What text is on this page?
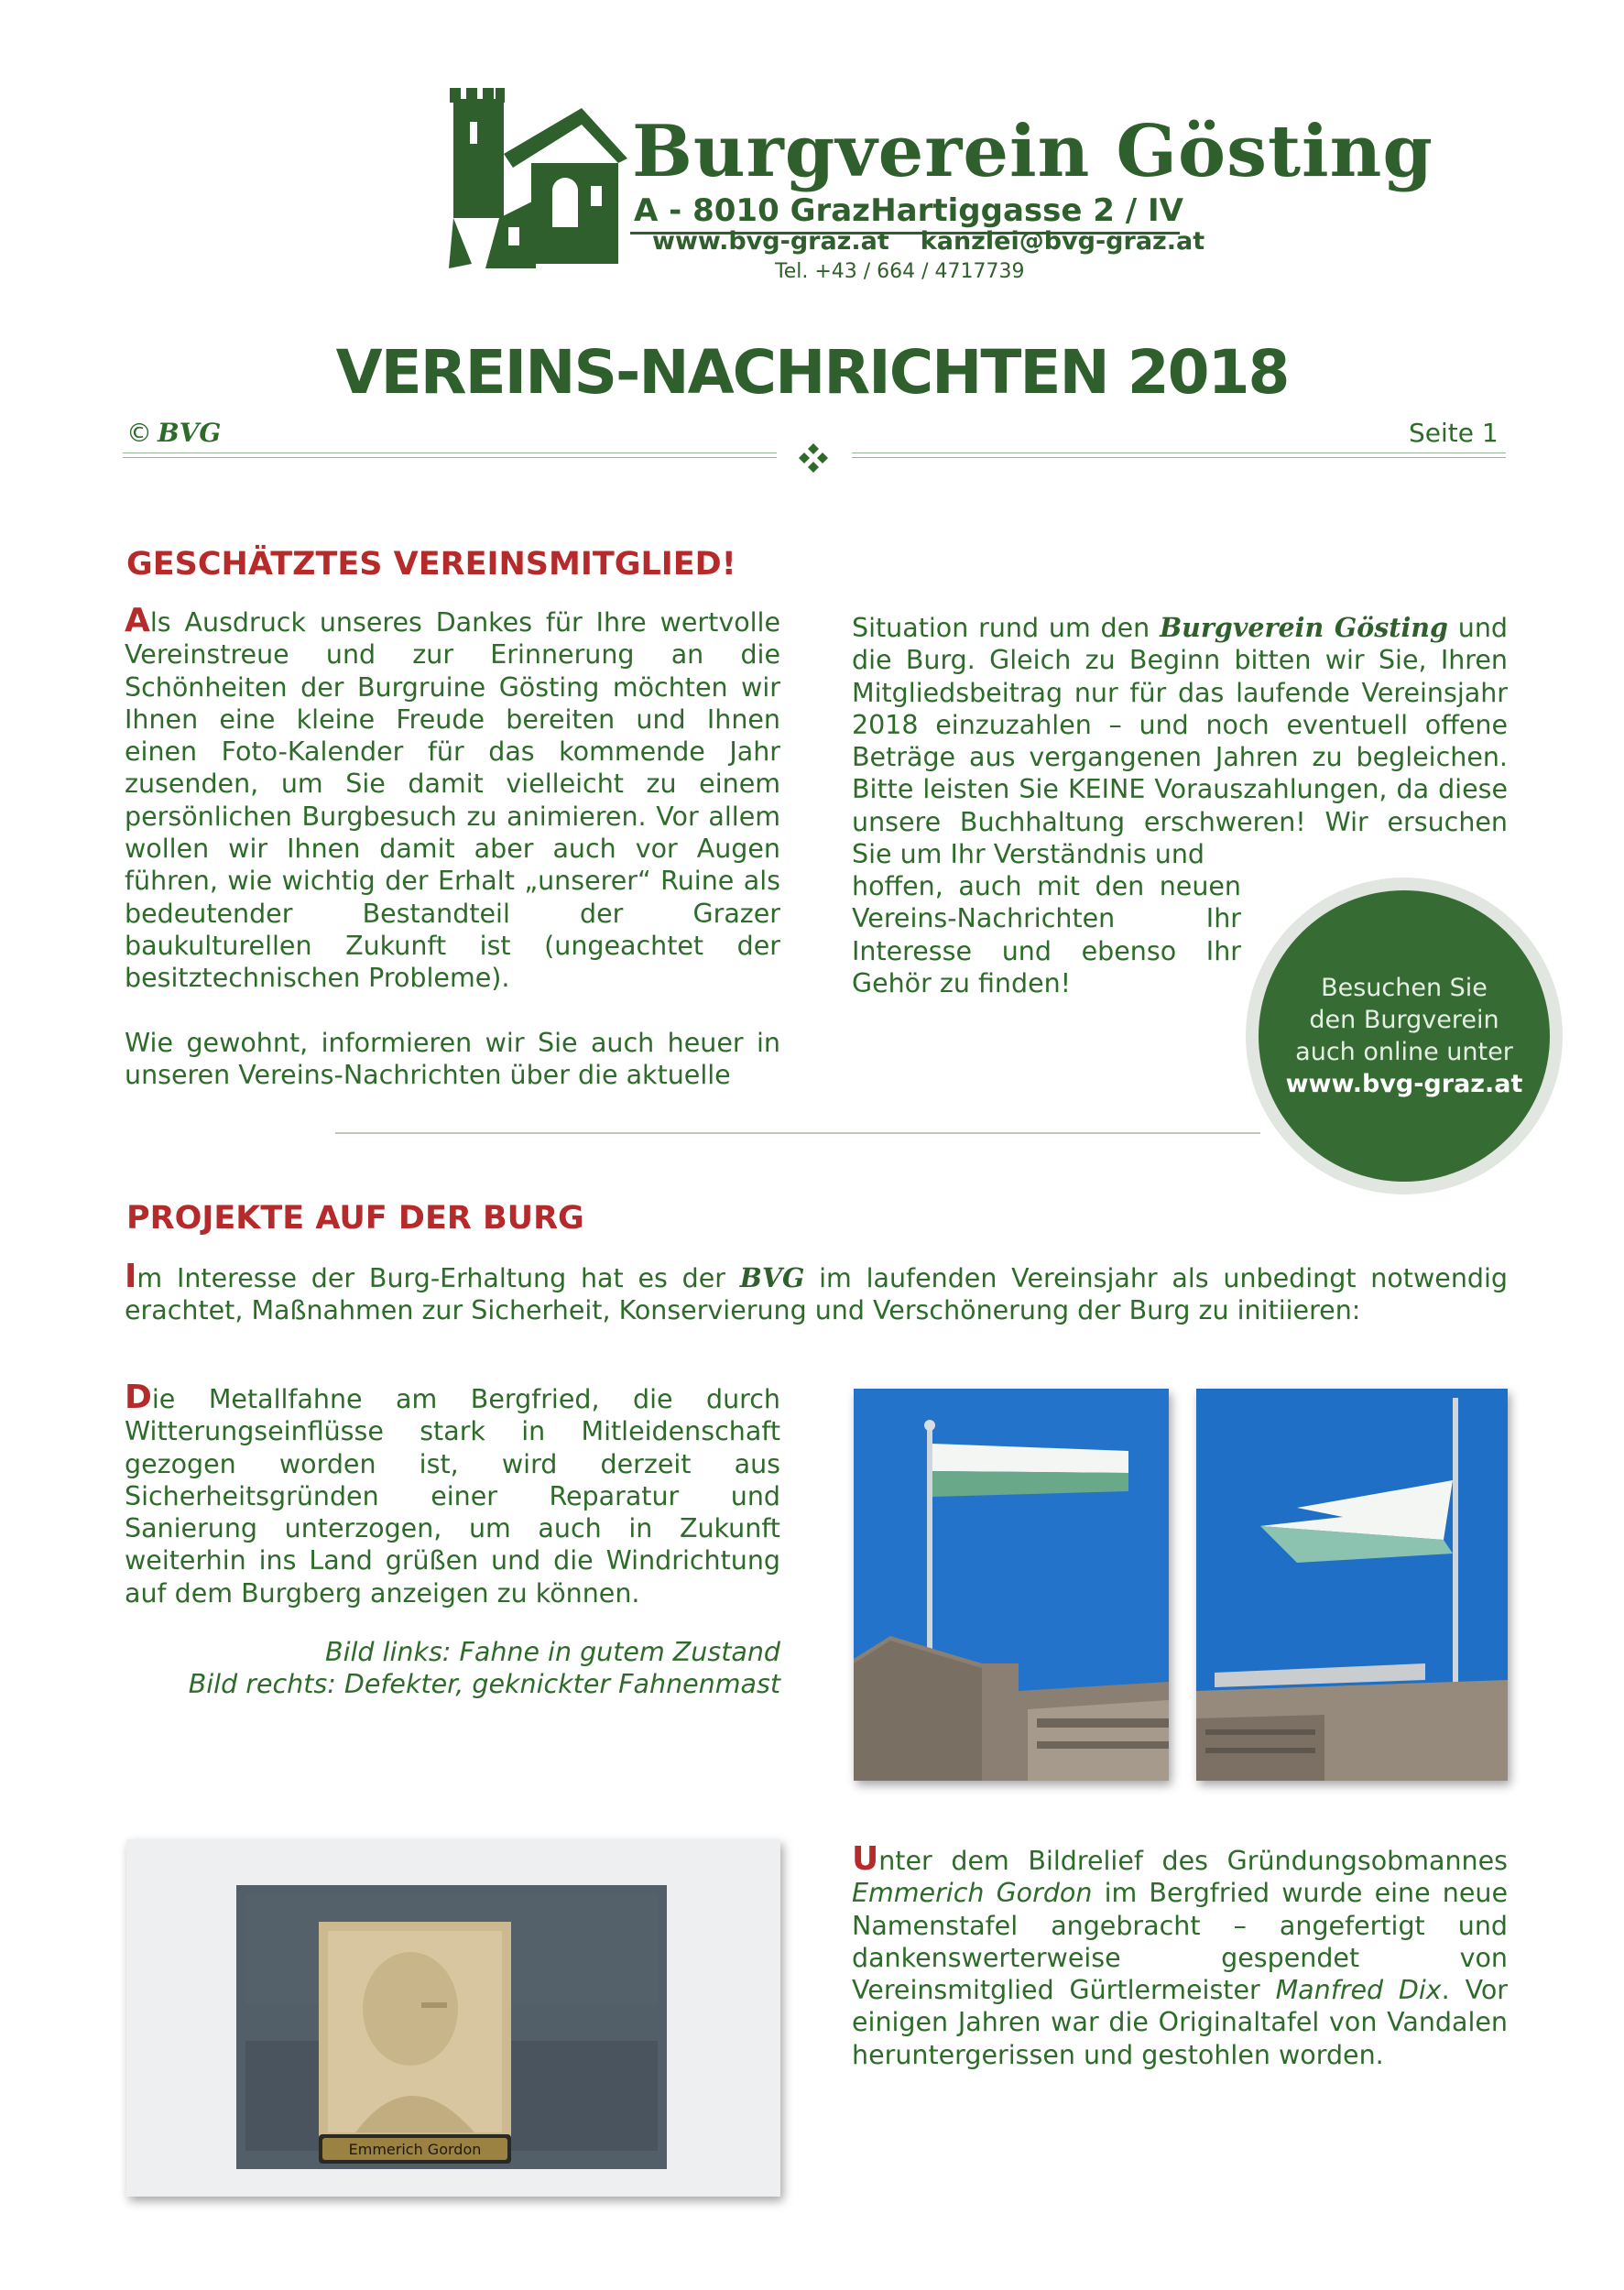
Burgverein Gösting
A - 8010 Graz Hartiggasse 2 / IV
www.bvg-graz.at kanzlei@bvg-graz.at
Tel. +43 / 664 / 4717739
VEREINS-NACHRICHTEN 2018
© BVG	Seite 1
GESCHÄTZTES VEREINSMITGLIED!

Als Ausdruck unseres Dankes für Ihre wertvolle Vereinstreue und zur Erinnerung an die Schönheiten der Burgruine Gösting möchten wir Ihnen eine kleine Freude bereiten und Ihnen einen Foto-Kalender für das kommende Jahr zusenden, um Sie damit vielleicht zu einem persönlichen Burgbesuch zu animieren. Vor allem wollen wir Ihnen damit aber auch vor Augen führen, wie wichtig der Erhalt „unserer“ Ruine als bedeutender Bestandteil der Grazer baukulturellen Zukunft ist (ungeachtet der besitztechnischen Probleme).

Wie gewohnt, informieren wir Sie auch heuer in unseren Vereins-Nachrichten über die aktuelle

Situation rund um den Burgverein Gösting und die Burg. Gleich zu Beginn bitten wir Sie, Ihren Mitgliedsbeitrag nur für das laufende Vereinsjahr 2018 einzuzahlen – und noch eventuell offene Beträge aus vergangenen Jahren zu begleichen. Bitte leisten Sie KEINE Vorauszahlungen, da diese unsere Buchhaltung erschweren! Wir ersuchen Sie um Ihr Verständnis und

hoffen, auch mit den neuen Vereins-Nachrichten Ihr Interesse und ebenso Ihr Gehör zu finden!	Besuchen Sie
den Burgverein
auch online unter
www.bvg-graz.at
PROJEKTE AUF DER BURG

Im Interesse der Burg-Erhaltung hat es der BVG im laufenden Vereinsjahr als unbedingt notwendig erachtet, Maßnahmen zur Sicherheit, Konservierung und Verschönerung der Burg zu initiieren:

Die Metallfahne am Bergfried, die durch Witterungseinflüsse stark in Mitleidenschaft gezogen worden ist, wird derzeit aus Sicherheitsgründen einer Reparatur und Sanierung unterzogen, um auch in Zukunft weiterhin ins Land grüßen und die Windrichtung auf dem Burgberg anzeigen zu können.

Bild links: Fahne in gutem Zustand
Bild rechts: Defekter, geknickter Fahnenmast
Emmerich Gordon

Unter dem Bildrelief des Gründungsobmannes Emmerich Gordon im Bergfried wurde eine neue Namenstafel angebracht – angefertigt und dankenswerterweise gespendet von Vereinsmitglied Gürtlermeister Manfred Dix. Vor einigen Jahren war die Originaltafel von Vandalen heruntergerissen und gestohlen worden.
